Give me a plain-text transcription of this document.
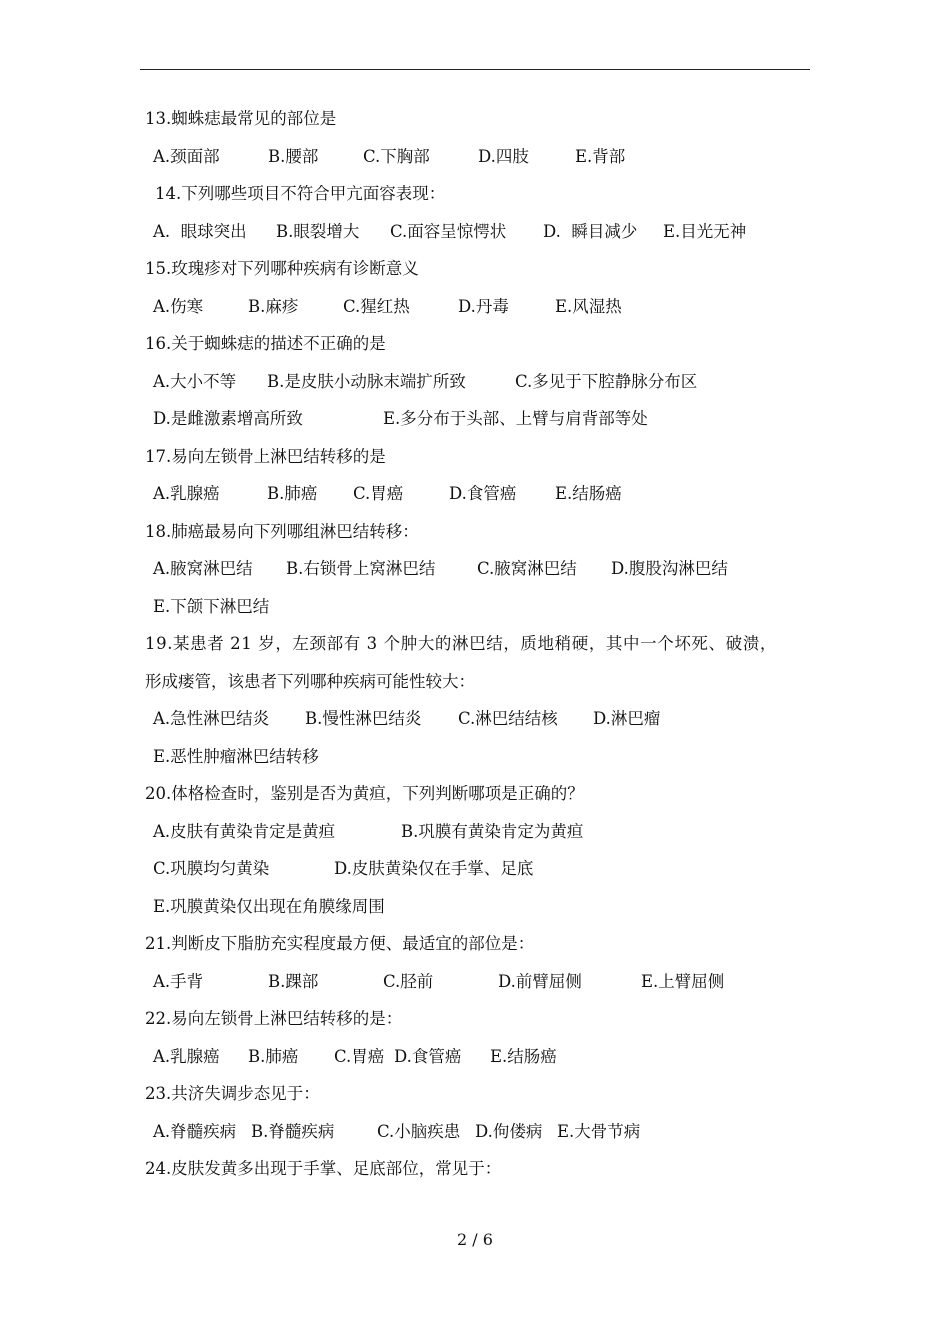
13.蜘蛛痣最常见的部位是
A.颈面部	B.腰部	C.下胸部	D.四肢	E.背部
14.下列哪些项目不符合甲亢面容表现：
A.  眼球突出 B.眼裂增大 C.面容呈惊愕状 D.  瞬目减少 E.目光无神
15.玫瑰疹对下列哪种疾病有诊断意义
A.伤寒	B.麻疹	C.猩红热	D.丹毒	E.风湿热
16.关于蜘蛛痣的描述不正确的是
A.大小不等 B.是皮肤小动脉末端扩所致	C.多见于下腔静脉分布区
D.是雌激素增高所致	E.多分布于头部、上臂与肩背部等处
17.易向左锁骨上淋巴结转移的是
A.乳腺癌	B.肺癌 C.胃癌	D.食管癌 E.结肠癌
18.肺癌最易向下列哪组淋巴结转移：
A.腋窝淋巴结 B.右锁骨上窝淋巴结	C.腋窝淋巴结 D.腹股沟淋巴结
E.下颌下淋巴结
19.某患者 21 岁，左颈部有 3 个肿大的淋巴结，质地稍硬，其中一个坏死、破溃，
形成瘘管，该患者下列哪种疾病可能性较大：
A.急性淋巴结炎 B.慢性淋巴结炎 C.淋巴结结核 D.淋巴瘤
E.恶性肿瘤淋巴结转移
20.体格检查时，鉴别是否为黄疸，下列判断哪项是正确的？
A.皮肤有黄染肯定是黄疸	B.巩膜有黄染肯定为黄疸
C.巩膜均匀黄染	D.皮肤黄染仅在手掌、足底
E.巩膜黄染仅出现在角膜缘周围
21.判断皮下脂肪充实程度最方便、最适宜的部位是：
A.手背	B.踝部	C.胫前	D.前臂屈侧	E.上臂屈侧
22.易向左锁骨上淋巴结转移的是：
A.乳腺癌 B.肺癌 C.胃癌 D.食管癌 E.结肠癌
23.共济失调步态见于：
A.脊髓疾病 B.脊髓疾病	C.小脑疾患 D.佝偻病 E.大骨节病
24.皮肤发黄多出现于手掌、足底部位，常见于：
2 / 6
